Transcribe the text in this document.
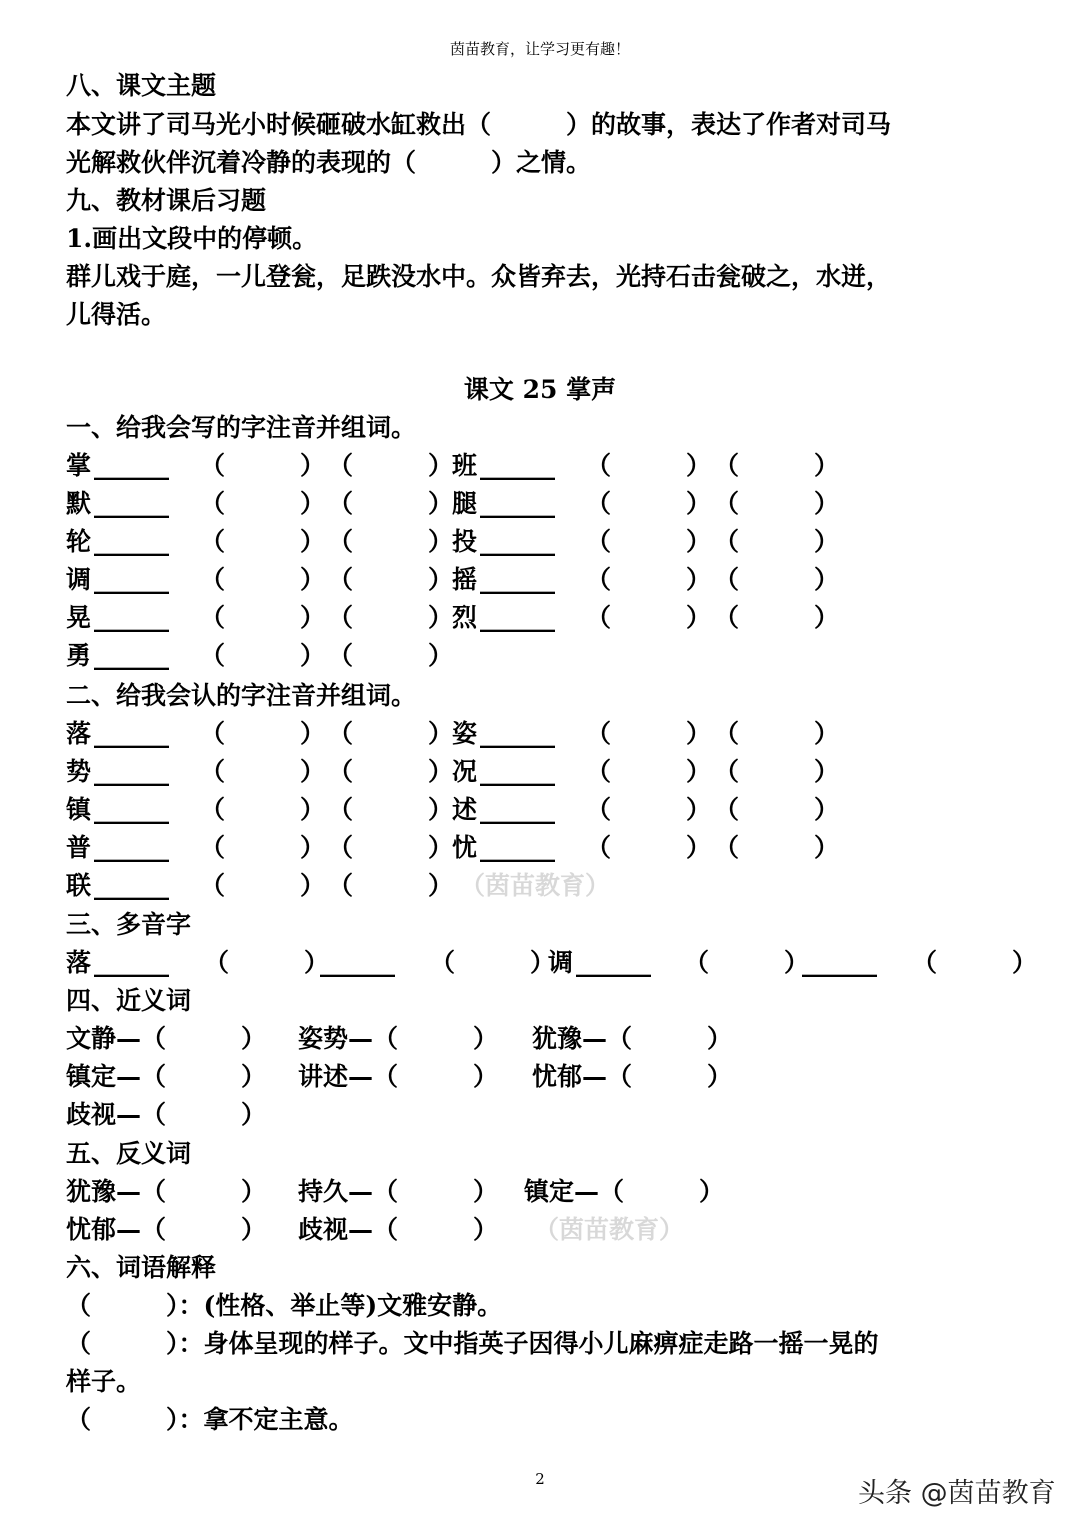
茵苗教育，让学习更有趣！
八、课文主题
本文讲了司马光小时候砸破水缸救出（　　　）的故事，表达了作者对司马
光解救伙伴沉着冷静的表现的（　　　）之情。
九、教材课后习题
1.画出文段中的停顿。
群儿戏于庭，一儿登瓮，足跌没水中。众皆弃去，光持石击瓮破之，水迸，
儿得活。
课文 25 掌声
一、给我会写的字注音并组词。
掌 ______ （　　　） （　　　）
班 ______ （　　　） （　　　）
默 ______ （　　　） （　　　）
腿 ______ （　　　） （　　　）
轮 ______ （　　　） （　　　）
投 ______ （　　　） （　　　）
调 ______ （　　　） （　　　）
摇 ______ （　　　） （　　　）
晃 ______ （　　　） （　　　）
烈 ______ （　　　） （　　　）
勇 ______ （　　　） （　　　）
二、给我会认的字注音并组词。
落 ______ （　　　） （　　　）
姿 ______ （　　　） （　　　）
势 ______ （　　　） （　　　）
况 ______ （　　　） （　　　）
镇 ______ （　　　） （　　　）
述 ______ （　　　） （　　　）
普 ______ （　　　） （　　　）
忧 ______ （　　　） （　　　）
联 ______ （　　　） （　　　） （茵苗教育）
三、多音字
落 ______ （　　　）
______ （　　　）
调 ______ （　　　）
______ （　　　）
四、近义词
文静 —（　　　） 姿势 —（　　　） 犹豫 —（　　　）
镇定 —（　　　） 讲述 —（　　　） 忧郁 —（　　　）
歧视 —（　　　）
五、反义词
犹豫 —（　　　） 持久 —（　　　） 镇定 —（　　　）
忧郁 —（　　　） 歧视 —（　　　） （茵苗教育）
六、词语解释
（　　　）：(性格、举止等)文雅安静。
（　　　）：身体呈现的样子。文中指英子因得小儿麻痹症走路一摇一晃的
样子。
（　　　）：拿不定主意。
2	头条 @茵苗教育
